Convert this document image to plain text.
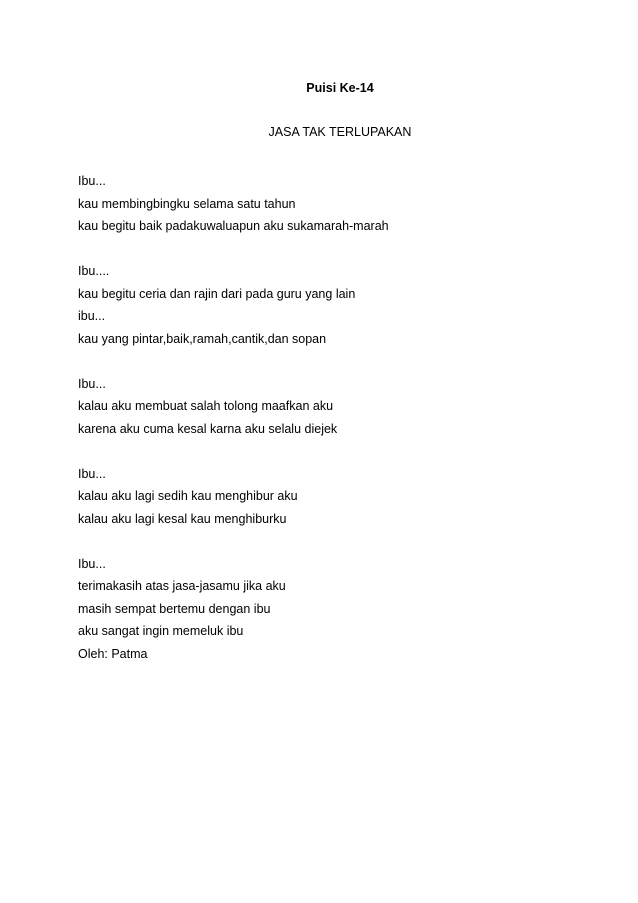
Puisi Ke-14

JASA TAK TERLUPAKAN

Ibu...
kau membingbingku selama satu tahun
kau begitu baik padakuwaluapun aku sukamarah-marah
Ibu....
kau begitu ceria dan rajin dari pada guru yang lain
ibu...
kau yang pintar,baik,ramah,cantik,dan sopan
Ibu...
kalau aku membuat salah tolong maafkan aku
karena aku cuma kesal karna aku selalu diejek
Ibu...
kalau aku lagi sedih kau menghibur aku
kalau aku lagi kesal kau menghiburku
Ibu...
terimakasih atas jasa-jasamu jika aku
masih sempat bertemu dengan ibu
aku sangat ingin memeluk ibu
Oleh: Patma
